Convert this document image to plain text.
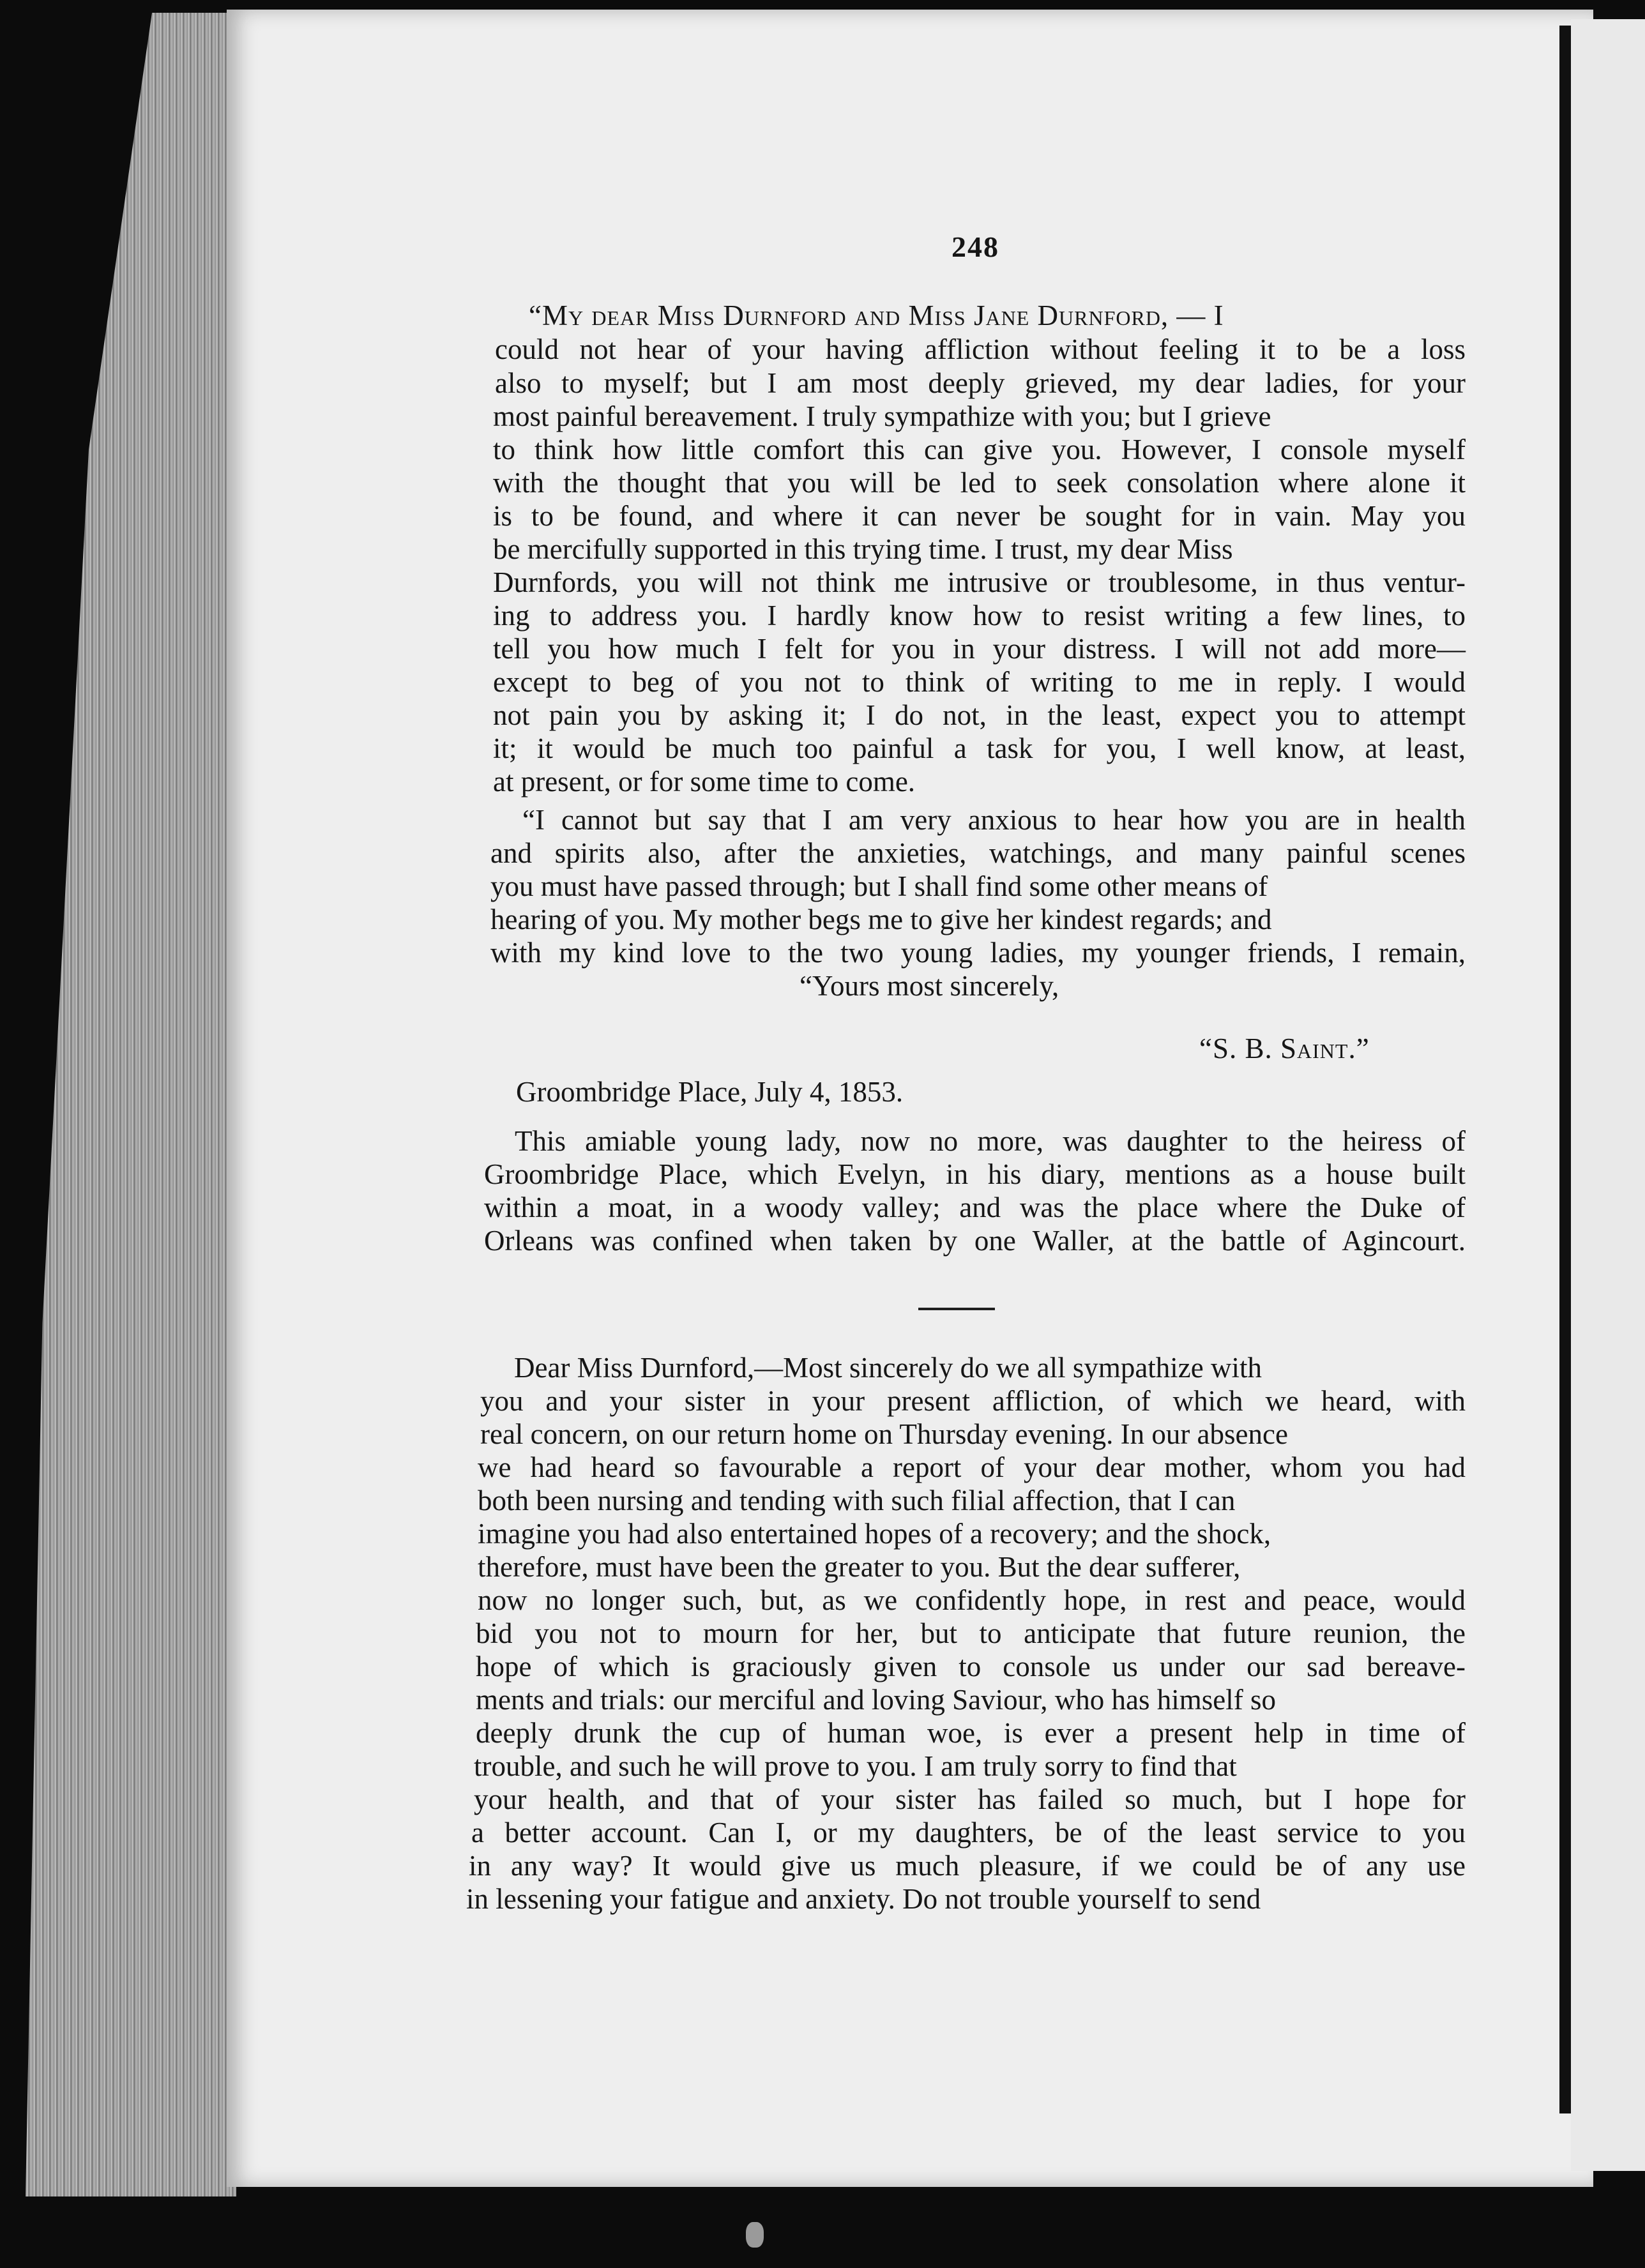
248
“My dear Miss Durnford and Miss Jane Durnford, — I
could not hear of your having affliction without feeling it to be a loss
also to myself; but I am most deeply grieved, my dear ladies, for your
most painful bereavement. I truly sympathize with you; but I grieve
to think how little comfort this can give you. However, I console myself
with the thought that you will be led to seek consolation where alone it
is to be found, and where it can never be sought for in vain. May you
be mercifully supported in this trying time. I trust, my dear Miss
Durnfords, you will not think me intrusive or troublesome, in thus ventur-
ing to address you. I hardly know how to resist writing a few lines, to
tell you how much I felt for you in your distress. I will not add more—
except to beg of you not to think of writing to me in reply. I would
not pain you by asking it; I do not, in the least, expect you to attempt
it; it would be much too painful a task for you, I well know, at least,
at present, or for some time to come.
“I cannot but say that I am very anxious to hear how you are in health
and spirits also, after the anxieties, watchings, and many painful scenes
you must have passed through; but I shall find some other means of
hearing of you. My mother begs me to give her kindest regards; and
with my kind love to the two young ladies, my younger friends, I remain,
“Yours most sincerely,
“S. B. Saint.”
Groombridge Place, July 4, 1853.
This amiable young lady, now no more, was daughter to the heiress of
Groombridge Place, which Evelyn, in his diary, mentions as a house built
within a moat, in a woody valley; and was the place where the Duke of
Orleans was confined when taken by one Waller, at the battle of Agincourt.
Dear Miss Durnford,—Most sincerely do we all sympathize with
you and your sister in your present affliction, of which we heard, with
real concern, on our return home on Thursday evening. In our absence
we had heard so favourable a report of your dear mother, whom you had
both been nursing and tending with such filial affection, that I can
imagine you had also entertained hopes of a recovery; and the shock,
therefore, must have been the greater to you. But the dear sufferer,
now no longer such, but, as we confidently hope, in rest and peace, would
bid you not to mourn for her, but to anticipate that future reunion, the
hope of which is graciously given to console us under our sad bereave-
ments and trials: our merciful and loving Saviour, who has himself so
deeply drunk the cup of human woe, is ever a present help in time of
trouble, and such he will prove to you. I am truly sorry to find that
your health, and that of your sister has failed so much, but I hope for
a better account. Can I, or my daughters, be of the least service to you
in any way? It would give us much pleasure, if we could be of any use
in lessening your fatigue and anxiety. Do not trouble yourself to send
